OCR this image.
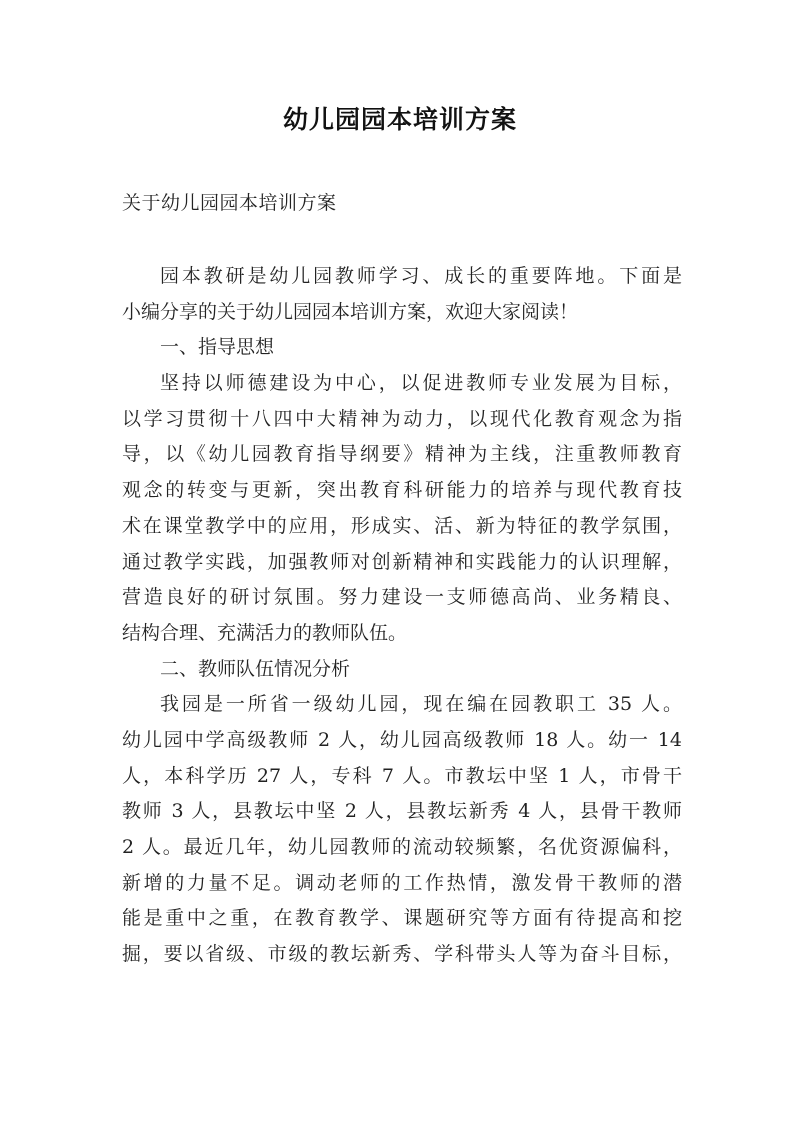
幼儿园园本培训方案
关于幼儿园园本培训方案
园本教研是幼儿园教师学习、成长的重要阵地。下面是
小编分享的关于幼儿园园本培训方案，欢迎大家阅读！
一、指导思想
坚持以师德建设为中心，以促进教师专业发展为目标，
以学习贯彻十八四中大精神为动力，以现代化教育观念为指
导，以《幼儿园教育指导纲要》精神为主线，注重教师教育
观念的转变与更新，突出教育科研能力的培养与现代教育技
术在课堂教学中的应用，形成实、活、新为特征的教学氛围，
通过教学实践，加强教师对创新精神和实践能力的认识理解，
营造良好的研讨氛围。努力建设一支师德高尚、业务精良、
结构合理、充满活力的教师队伍。
二、教师队伍情况分析
我园是一所省一级幼儿园，现在编在园教职工 35 人。
幼儿园中学高级教师 2 人，幼儿园高级教师 18 人。幼一 14
人，本科学历 27 人，专科 7 人。市教坛中坚 1 人，市骨干
教师 3 人，县教坛中坚 2 人，县教坛新秀 4 人，县骨干教师
2 人。最近几年，幼儿园教师的流动较频繁，名优资源偏科，
新增的力量不足。调动老师的工作热情，激发骨干教师的潜
能是重中之重，在教育教学、课题研究等方面有待提高和挖
掘，要以省级、市级的教坛新秀、学科带头人等为奋斗目标，
